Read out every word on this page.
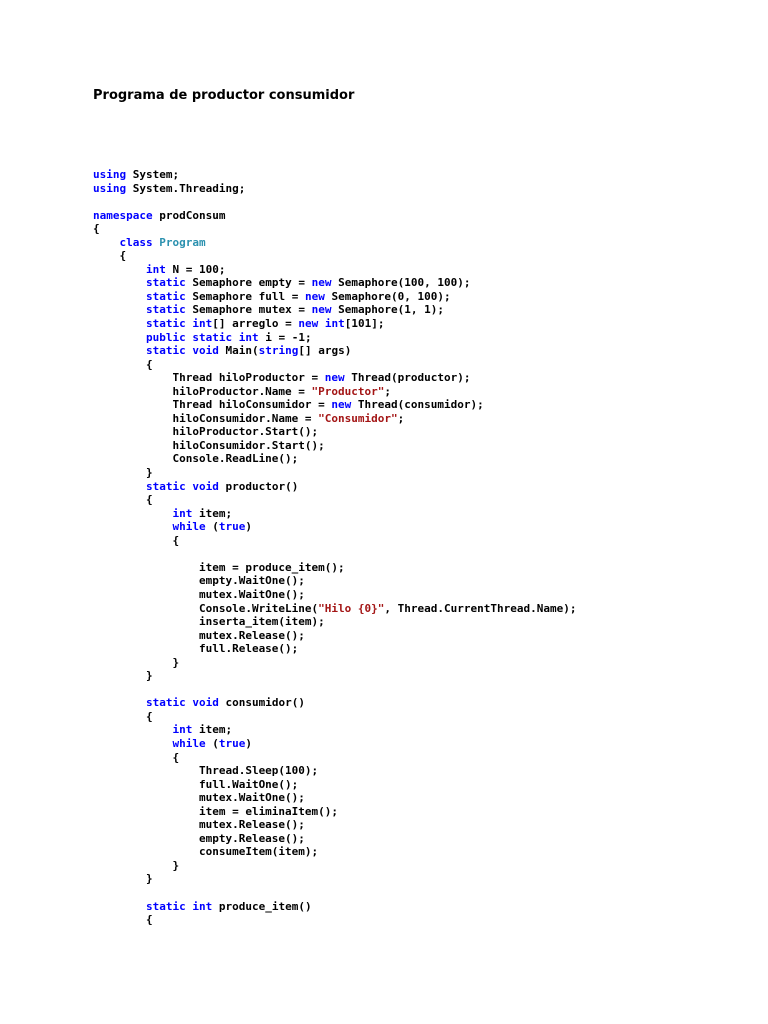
Programa de productor consumidor
using System;
using System.Threading;

namespace prodConsum
{
class Program
{
int N = 100;
static Semaphore empty = new Semaphore(100, 100);
static Semaphore full = new Semaphore(0, 100);
static Semaphore mutex = new Semaphore(1, 1);
static int[] arreglo = new int[101];
public static int i = -1;
static void Main(string[] args)
{
Thread hiloProductor = new Thread(productor);
hiloProductor.Name = "Productor";
Thread hiloConsumidor = new Thread(consumidor);
hiloConsumidor.Name = "Consumidor";
hiloProductor.Start();
hiloConsumidor.Start();
Console.ReadLine();
}
static void productor()
{
int item;
while (true)
{

item = produce_item();
empty.WaitOne();
mutex.WaitOne();
Console.WriteLine("Hilo {0}", Thread.CurrentThread.Name);
inserta_item(item);
mutex.Release();
full.Release();
}
}

static void consumidor()
{
int item;
while (true)
{
Thread.Sleep(100);
full.WaitOne();
mutex.WaitOne();
item = eliminaItem();
mutex.Release();
empty.Release();
consumeItem(item);
}
}

static int produce_item()
{
